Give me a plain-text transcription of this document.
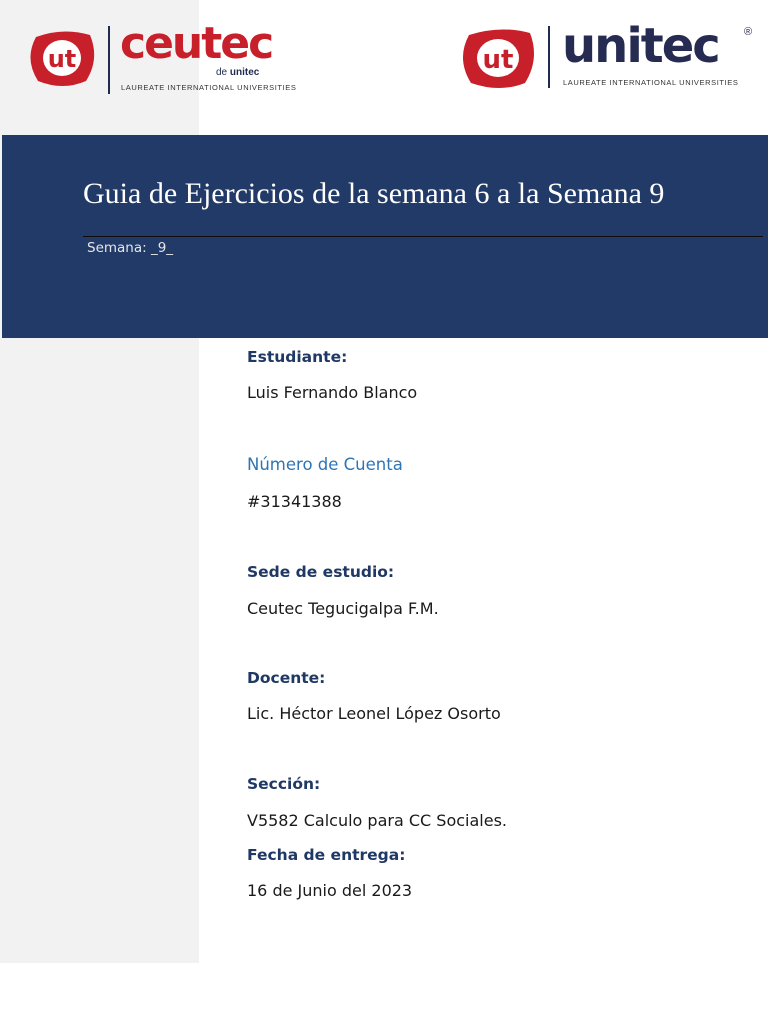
ut ceutec
de unitec
LAUREATE INTERNATIONAL UNIVERSITIES
ut unitec ®
LAUREATE INTERNATIONAL UNIVERSITIES
Guia de Ejercicios de la semana 6 a la Semana 9
Semana: _9_
Estudiante:
Luis Fernando Blanco
Número de Cuenta
#31341388
Sede de estudio:
Ceutec Tegucigalpa F.M.
Docente:
Lic. Héctor Leonel López Osorto
Sección:
V5582 Calculo para CC Sociales.
Fecha de entrega:
16 de Junio del 2023
